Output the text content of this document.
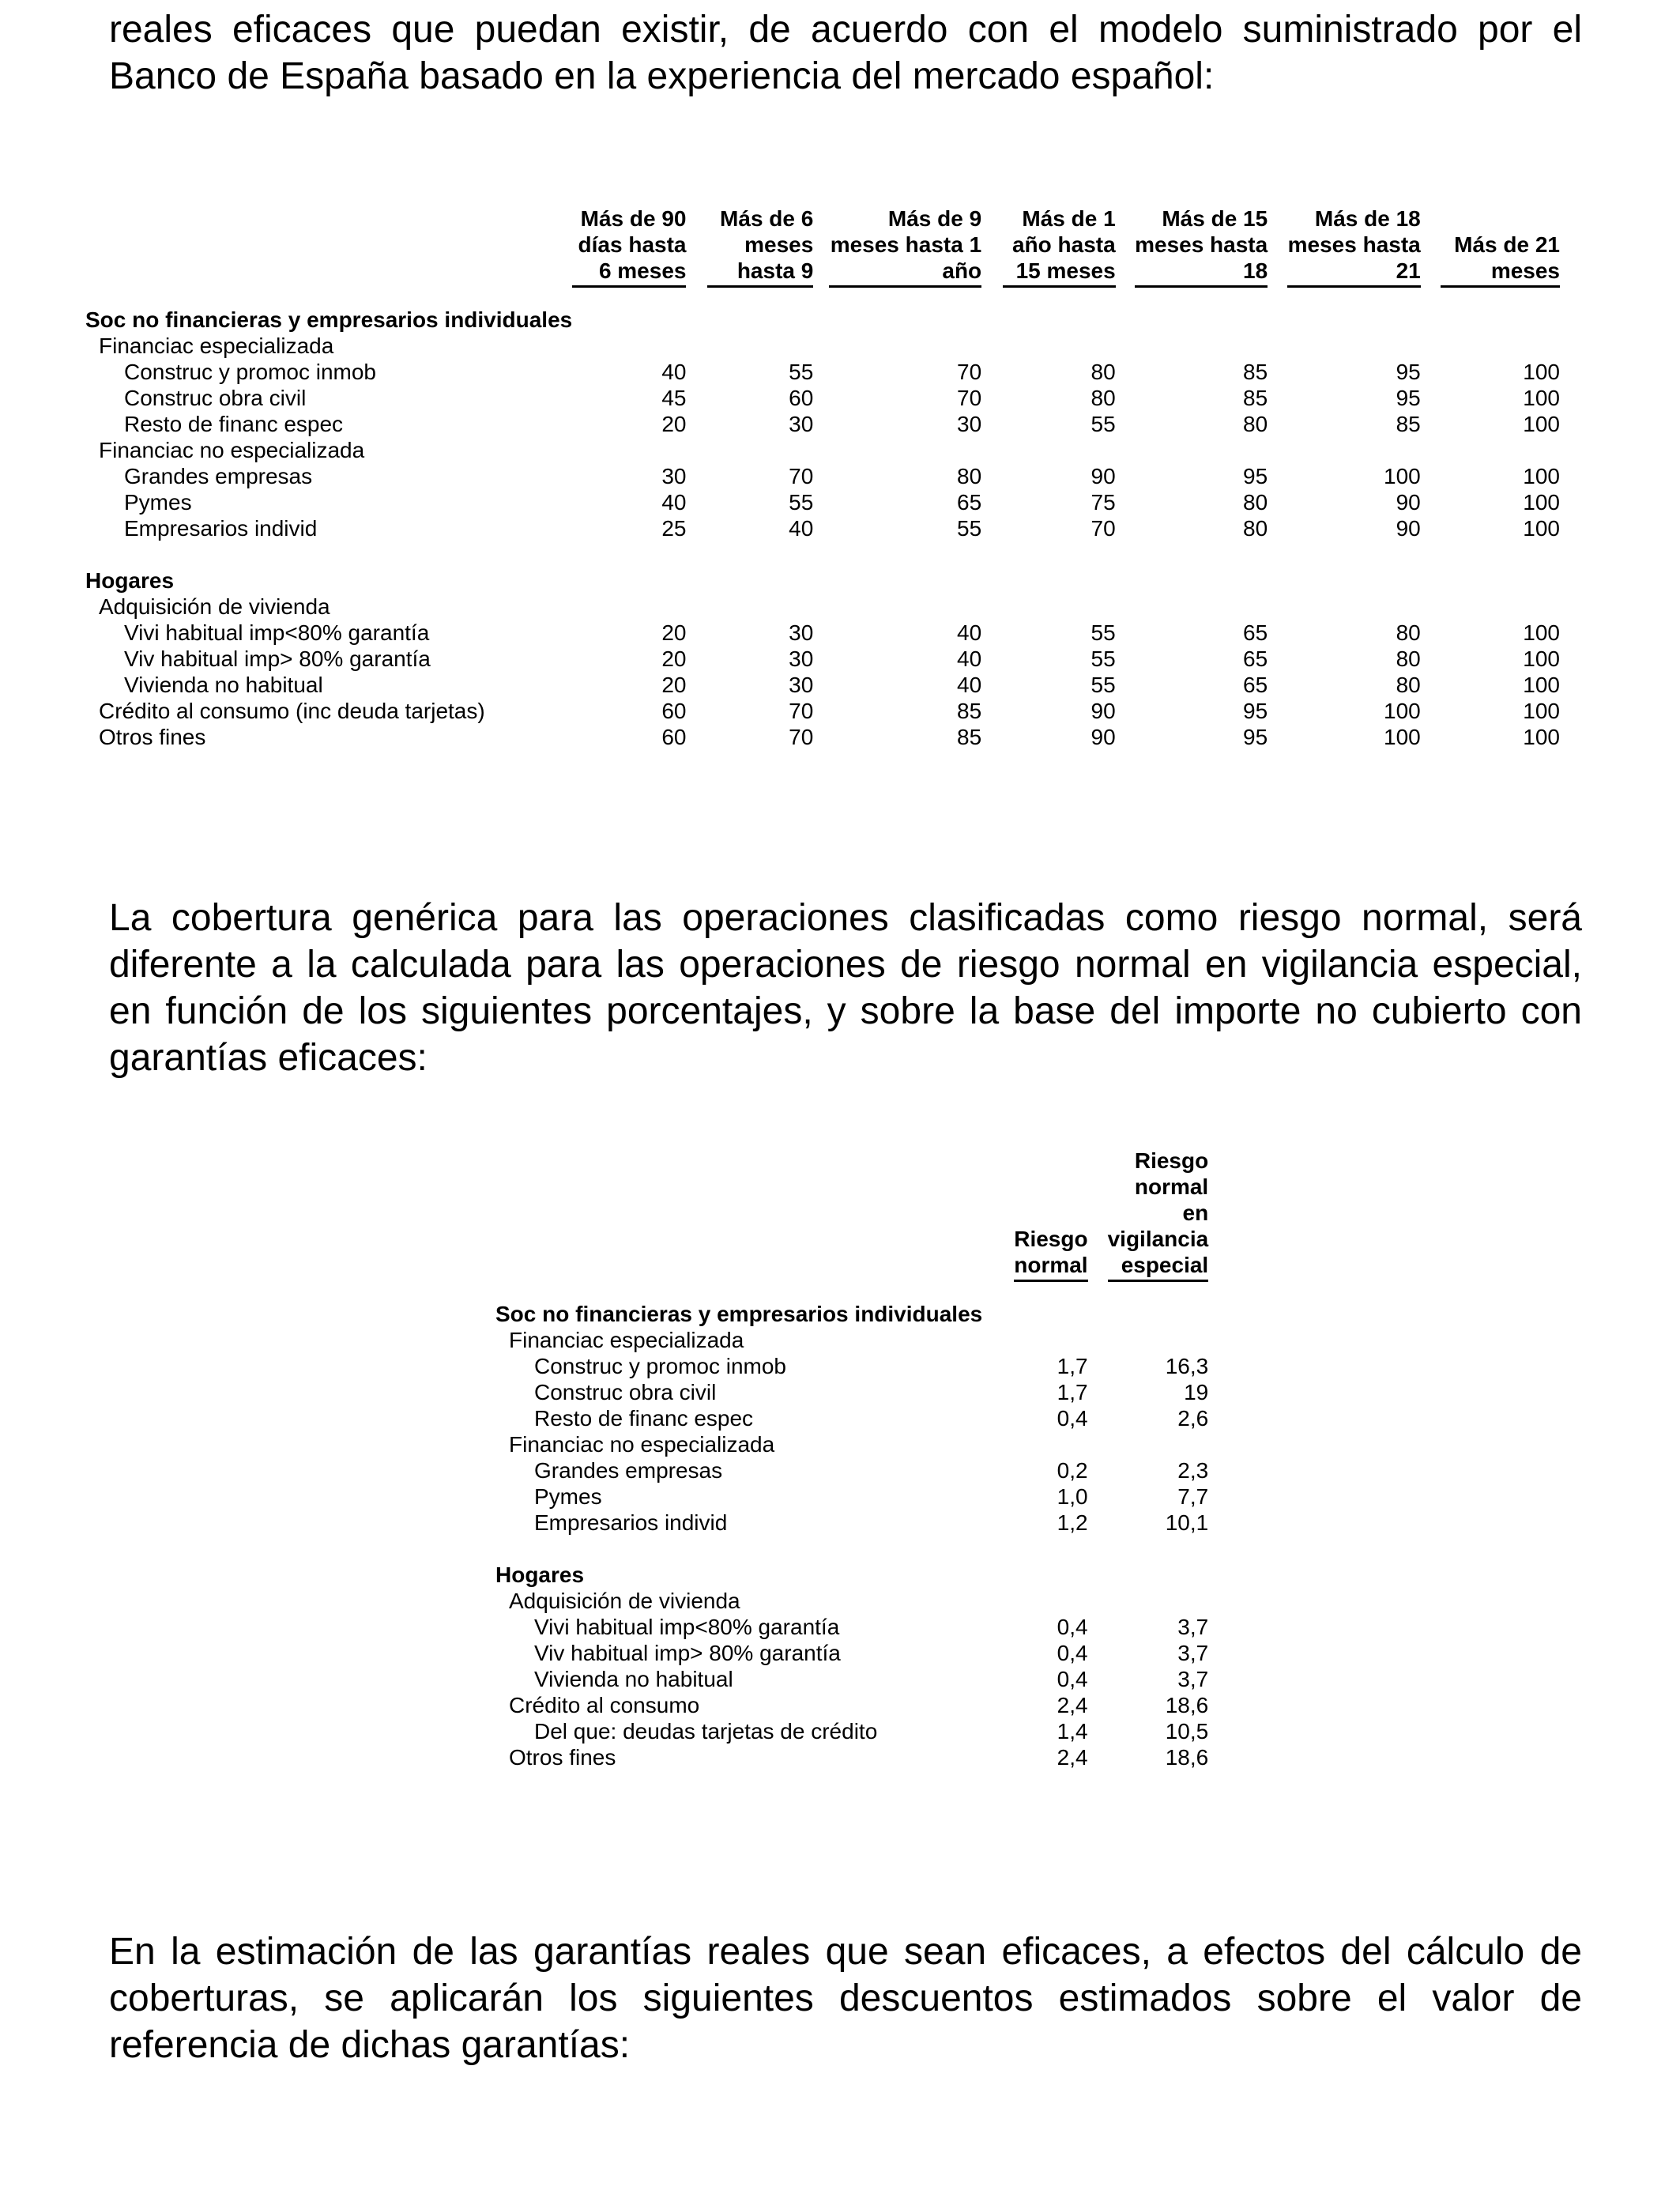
reales eficaces que puedan existir, de acuerdo con el modelo suministrado por el Banco de España basado en la experiencia del mercado español:

	Más de 90 días hasta 6 meses	Más de 6 meses hasta 9	Más de 9 meses hasta 1 año	Más de 1 año hasta 15 meses	Más de 15 meses hasta 18	Más de 18 meses hasta 21	Más de 21 meses

Soc no financieras y empresarios individuales							
Financiac especializada							
Construc y promoc inmob	40	55	70	80	85	95	100
Construc obra civil	45	60	70	80	85	95	100
Resto de financ espec	20	30	30	55	80	85	100
Financiac no especializada							
Grandes empresas	30	70	80	90	95	100	100
Pymes	40	55	65	75	80	90	100
Empresarios individ	25	40	55	70	80	90	100

Hogares							
Adquisición de vivienda							
Vivi habitual imp<80% garantía	20	30	40	55	65	80	100
Viv habitual imp> 80% garantía	20	30	40	55	65	80	100
Vivienda no habitual	20	30	40	55	65	80	100
Crédito al consumo (inc deuda tarjetas)	60	70	85	90	95	100	100
Otros fines	60	70	85	90	95	100	100

La cobertura genérica para las operaciones clasificadas como riesgo normal, será diferente a la calculada para las operaciones de riesgo normal en vigilancia especial, en función de los siguientes porcentajes, y sobre la base del importe no cubierto con garantías eficaces:

	Riesgo normal	Riesgo normal en vigilancia especial

Soc no financieras y empresarios individuales		
Financiac especializada		
Construc y promoc inmob	1,7	16,3
Construc obra civil	1,7	19
Resto de financ espec	0,4	2,6
Financiac no especializada		
Grandes empresas	0,2	2,3
Pymes	1,0	7,7
Empresarios individ	1,2	10,1

Hogares		
Adquisición de vivienda		
Vivi habitual imp<80% garantía	0,4	3,7
Viv habitual imp> 80% garantía	0,4	3,7
Vivienda no habitual	0,4	3,7
Crédito al consumo	2,4	18,6
Del que: deudas tarjetas de crédito	1,4	10,5
Otros fines	2,4	18,6

En la estimación de las garantías reales que sean eficaces, a efectos del cálculo de coberturas, se aplicarán los siguientes descuentos estimados sobre el valor de referencia de dichas garantías:
